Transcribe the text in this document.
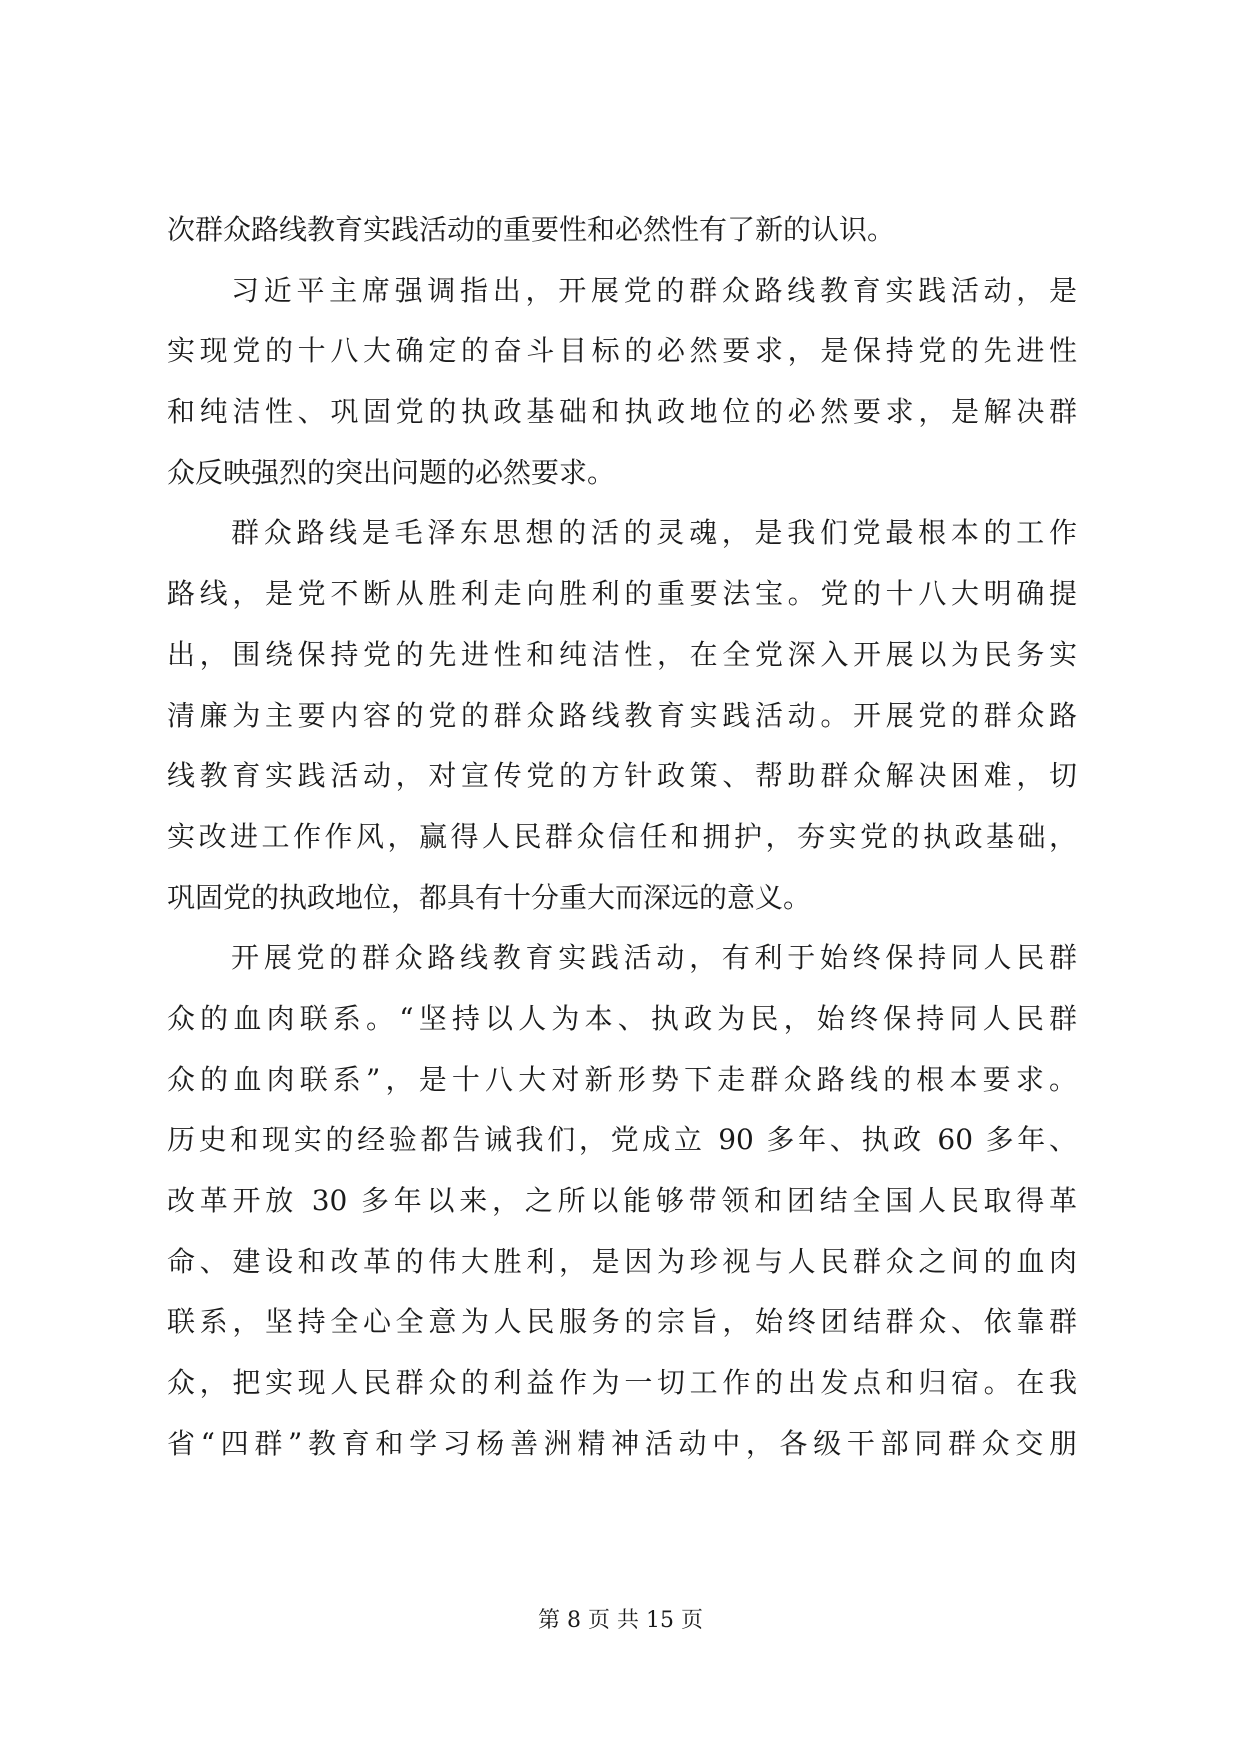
次群众路线教育实践活动的重要性和必然性有了新的认识。
习近平主席强调指出，开展党的群众路线教育实践活动，是
实现党的十八大确定的奋斗目标的必然要求，是保持党的先进性
和纯洁性、巩固党的执政基础和执政地位的必然要求，是解决群
众反映强烈的突出问题的必然要求。
群众路线是毛泽东思想的活的灵魂，是我们党最根本的工作
路线，是党不断从胜利走向胜利的重要法宝。党的十八大明确提
出，围绕保持党的先进性和纯洁性，在全党深入开展以为民务实
清廉为主要内容的党的群众路线教育实践活动。开展党的群众路
线教育实践活动，对宣传党的方针政策、帮助群众解决困难，切
实改进工作作风，赢得人民群众信任和拥护，夯实党的执政基础，
巩固党的执政地位，都具有十分重大而深远的意义。
开展党的群众路线教育实践活动，有利于始终保持同人民群
众的血肉联系。“坚持以人为本、执政为民，始终保持同人民群
众的血肉联系”，是十八大对新形势下走群众路线的根本要求。
历史和现实的经验都告诫我们，党成立 90 多年、执政 60 多年、
改革开放 30 多年以来，之所以能够带领和团结全国人民取得革
命、建设和改革的伟大胜利，是因为珍视与人民群众之间的血肉
联系，坚持全心全意为人民服务的宗旨，始终团结群众、依靠群
众，把实现人民群众的利益作为一切工作的出发点和归宿。在我
省“四群”教育和学习杨善洲精神活动中，各级干部同群众交朋
第 8 页 共 15 页
